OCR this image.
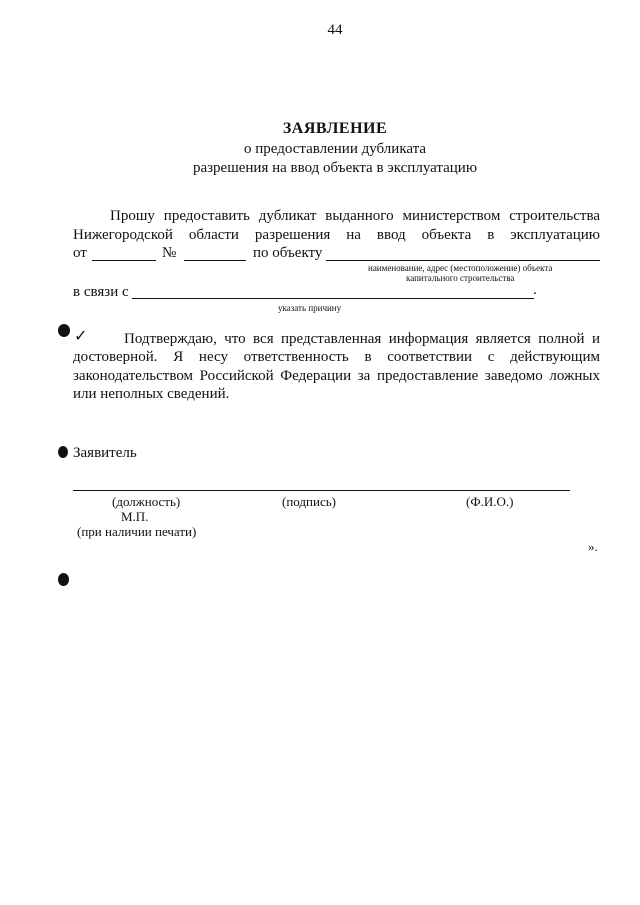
44
ЗАЯВЛЕНИЕ
о предоставлении дубликата
разрешения на ввод объекта в эксплуатацию
Прошу предоставить дубликат выданного министерством строительства
Нижегородской области разрешения на ввод объекта в эксплуатацию
от	№	по объекту
наименование, адрес (местоположение) объекта
капитального строительства
в связи с	.
указать причину
✓ Подтверждаю, что вся представленная информация является полной и
достоверной. Я несу ответственность в соответствии с действующим
законодательством Российской Федерации за предоставление заведомо ложных
или неполных сведений.
Заявитель
(должность)	(подпись)	(Ф.И.О.)
М.П.
(при наличии печати)
».
